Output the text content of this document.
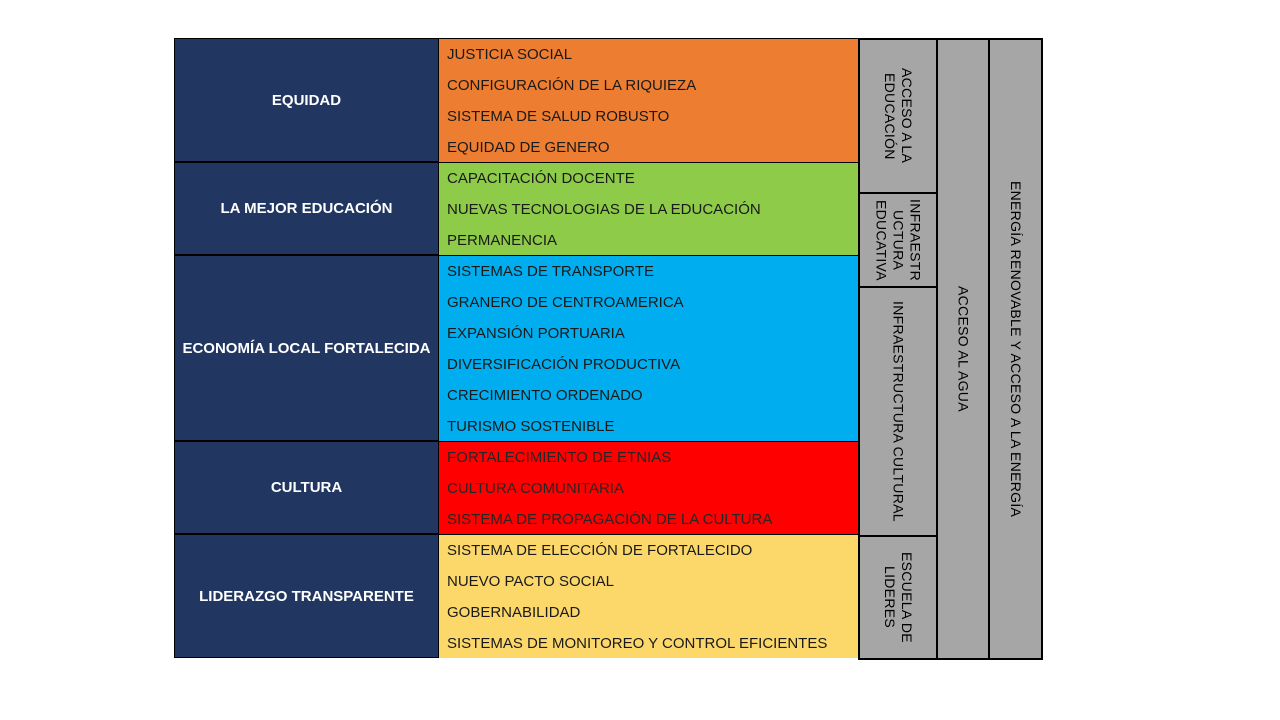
EQUIDAD
LA MEJOR EDUCACIÓN
ECONOMÍA LOCAL FORTALECIDA
CULTURA
LIDERAZGO TRANSPARENTE
JUSTICIA SOCIAL
CONFIGURACIÓN DE LA RIQUIEZA
SISTEMA DE SALUD ROBUSTO
EQUIDAD DE GENERO
CAPACITACIÓN DOCENTE
NUEVAS TECNOLOGIAS DE LA EDUCACIÓN
PERMANENCIA
SISTEMAS DE TRANSPORTE
GRANERO DE CENTROAMERICA
EXPANSIÓN PORTUARIA
DIVERSIFICACIÓN PRODUCTIVA
CRECIMIENTO ORDENADO
TURISMO SOSTENIBLE
FORTALECIMIENTO DE ETNIAS
CULTURA COMUNITARIA
SISTEMA DE PROPAGACIÓN DE LA CULTURA
SISTEMA DE ELECCIÓN DE FORTALECIDO
NUEVO PACTO SOCIAL
GOBERNABILIDAD
SISTEMAS DE MONITOREO Y CONTROL EFICIENTES
ACCESO A LA
EDUCACIÓN
INFRAESTR
UCTURA
EDUCATIVA
INFRAESTRUCTURA CULTURAL
ESCUELA DE
LIDERES
ACCESO AL AGUA	ENERGÍA RENOVABLE Y ACCESO A LA ENERGÍA
